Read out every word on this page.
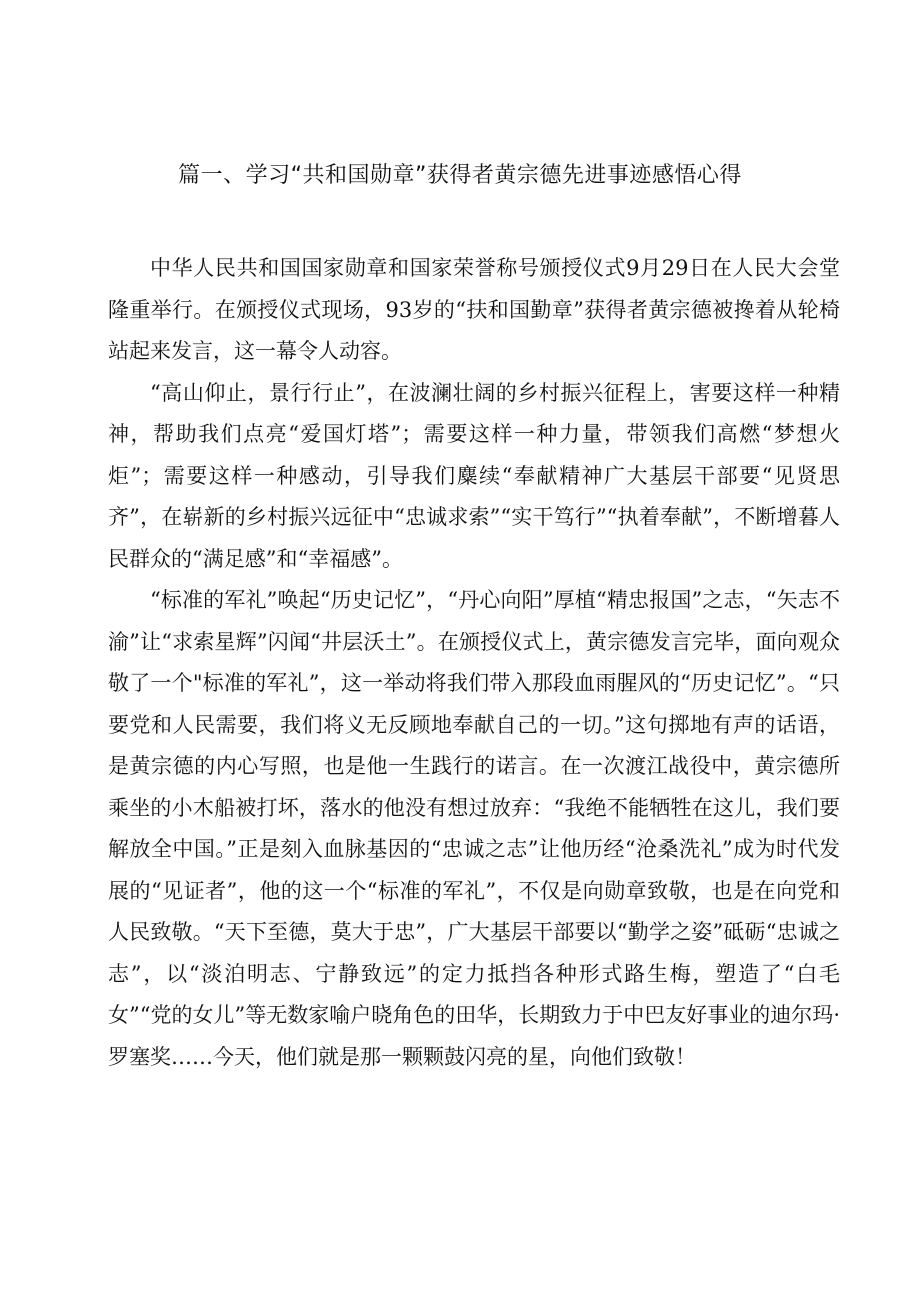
篇一、学习“共和国勋章”获得者黄宗德先进事迹感悟心得

中华人民共和国国家勋章和国家荣誉称号颁授仪式9月29日在人民大会堂隆重举行。在颁授仪式现场，93岁的“扶和国勤章”获得者黄宗德被搀着从轮椅站起来发言，这一幕令人动容。

“高山仰止，景行行止”，在波澜壮阔的乡村振兴征程上，害要这样一种精神，帮助我们点亮“爱国灯塔”；需要这样一种力量，带领我们高燃“梦想火炬”；需要这样一种感动，引导我们麋续“奉献精神广大基层干部要“见贤思齐”，在崭新的乡村振兴远征中“忠诚求索”“实干笃行”“执着奉献”，不断增暮人民群众的“满足感”和“幸福感”。

“标准的军礼”唤起“历史记忆”，“丹心向阳”厚植“精忠报国”之志，“矢志不渝”让“求索星辉”闪闻“井层沃土”。在颁授仪式上，黄宗德发言完毕，面向观众敬了一个"标准的军礼”，这一举动将我们带入那段血雨腥风的“历史记忆”。“只要党和人民需要，我们将义无反顾地奉献自己的一切。”这句掷地有声的话语，是黄宗德的内心写照，也是他一生践行的诺言。在一次渡江战役中，黄宗德所乘坐的小木船被打坏，落水的他没有想过放弃：“我绝不能牺牲在这儿，我们要解放全中国。”正是刻入血脉基因的“忠诚之志”让他历经“沧桑洗礼”成为时代发展的“见证者”，他的这一个“标准的军礼”，不仅是向勋章致敬，也是在向党和人民致敬。“天下至德，莫大于忠”，广大基层干部要以“勤学之姿”砥砺“忠诚之志”，以“淡泊明志、宁静致远”的定力抵挡各种形式路生梅，塑造了“白毛女”“党的女儿”等无数家喻户晓角色的田华，长期致力于中巴友好事业的迪尔玛·罗塞奖……今天，他们就是那一颗颗鼓闪亮的星，向他们致敬！
